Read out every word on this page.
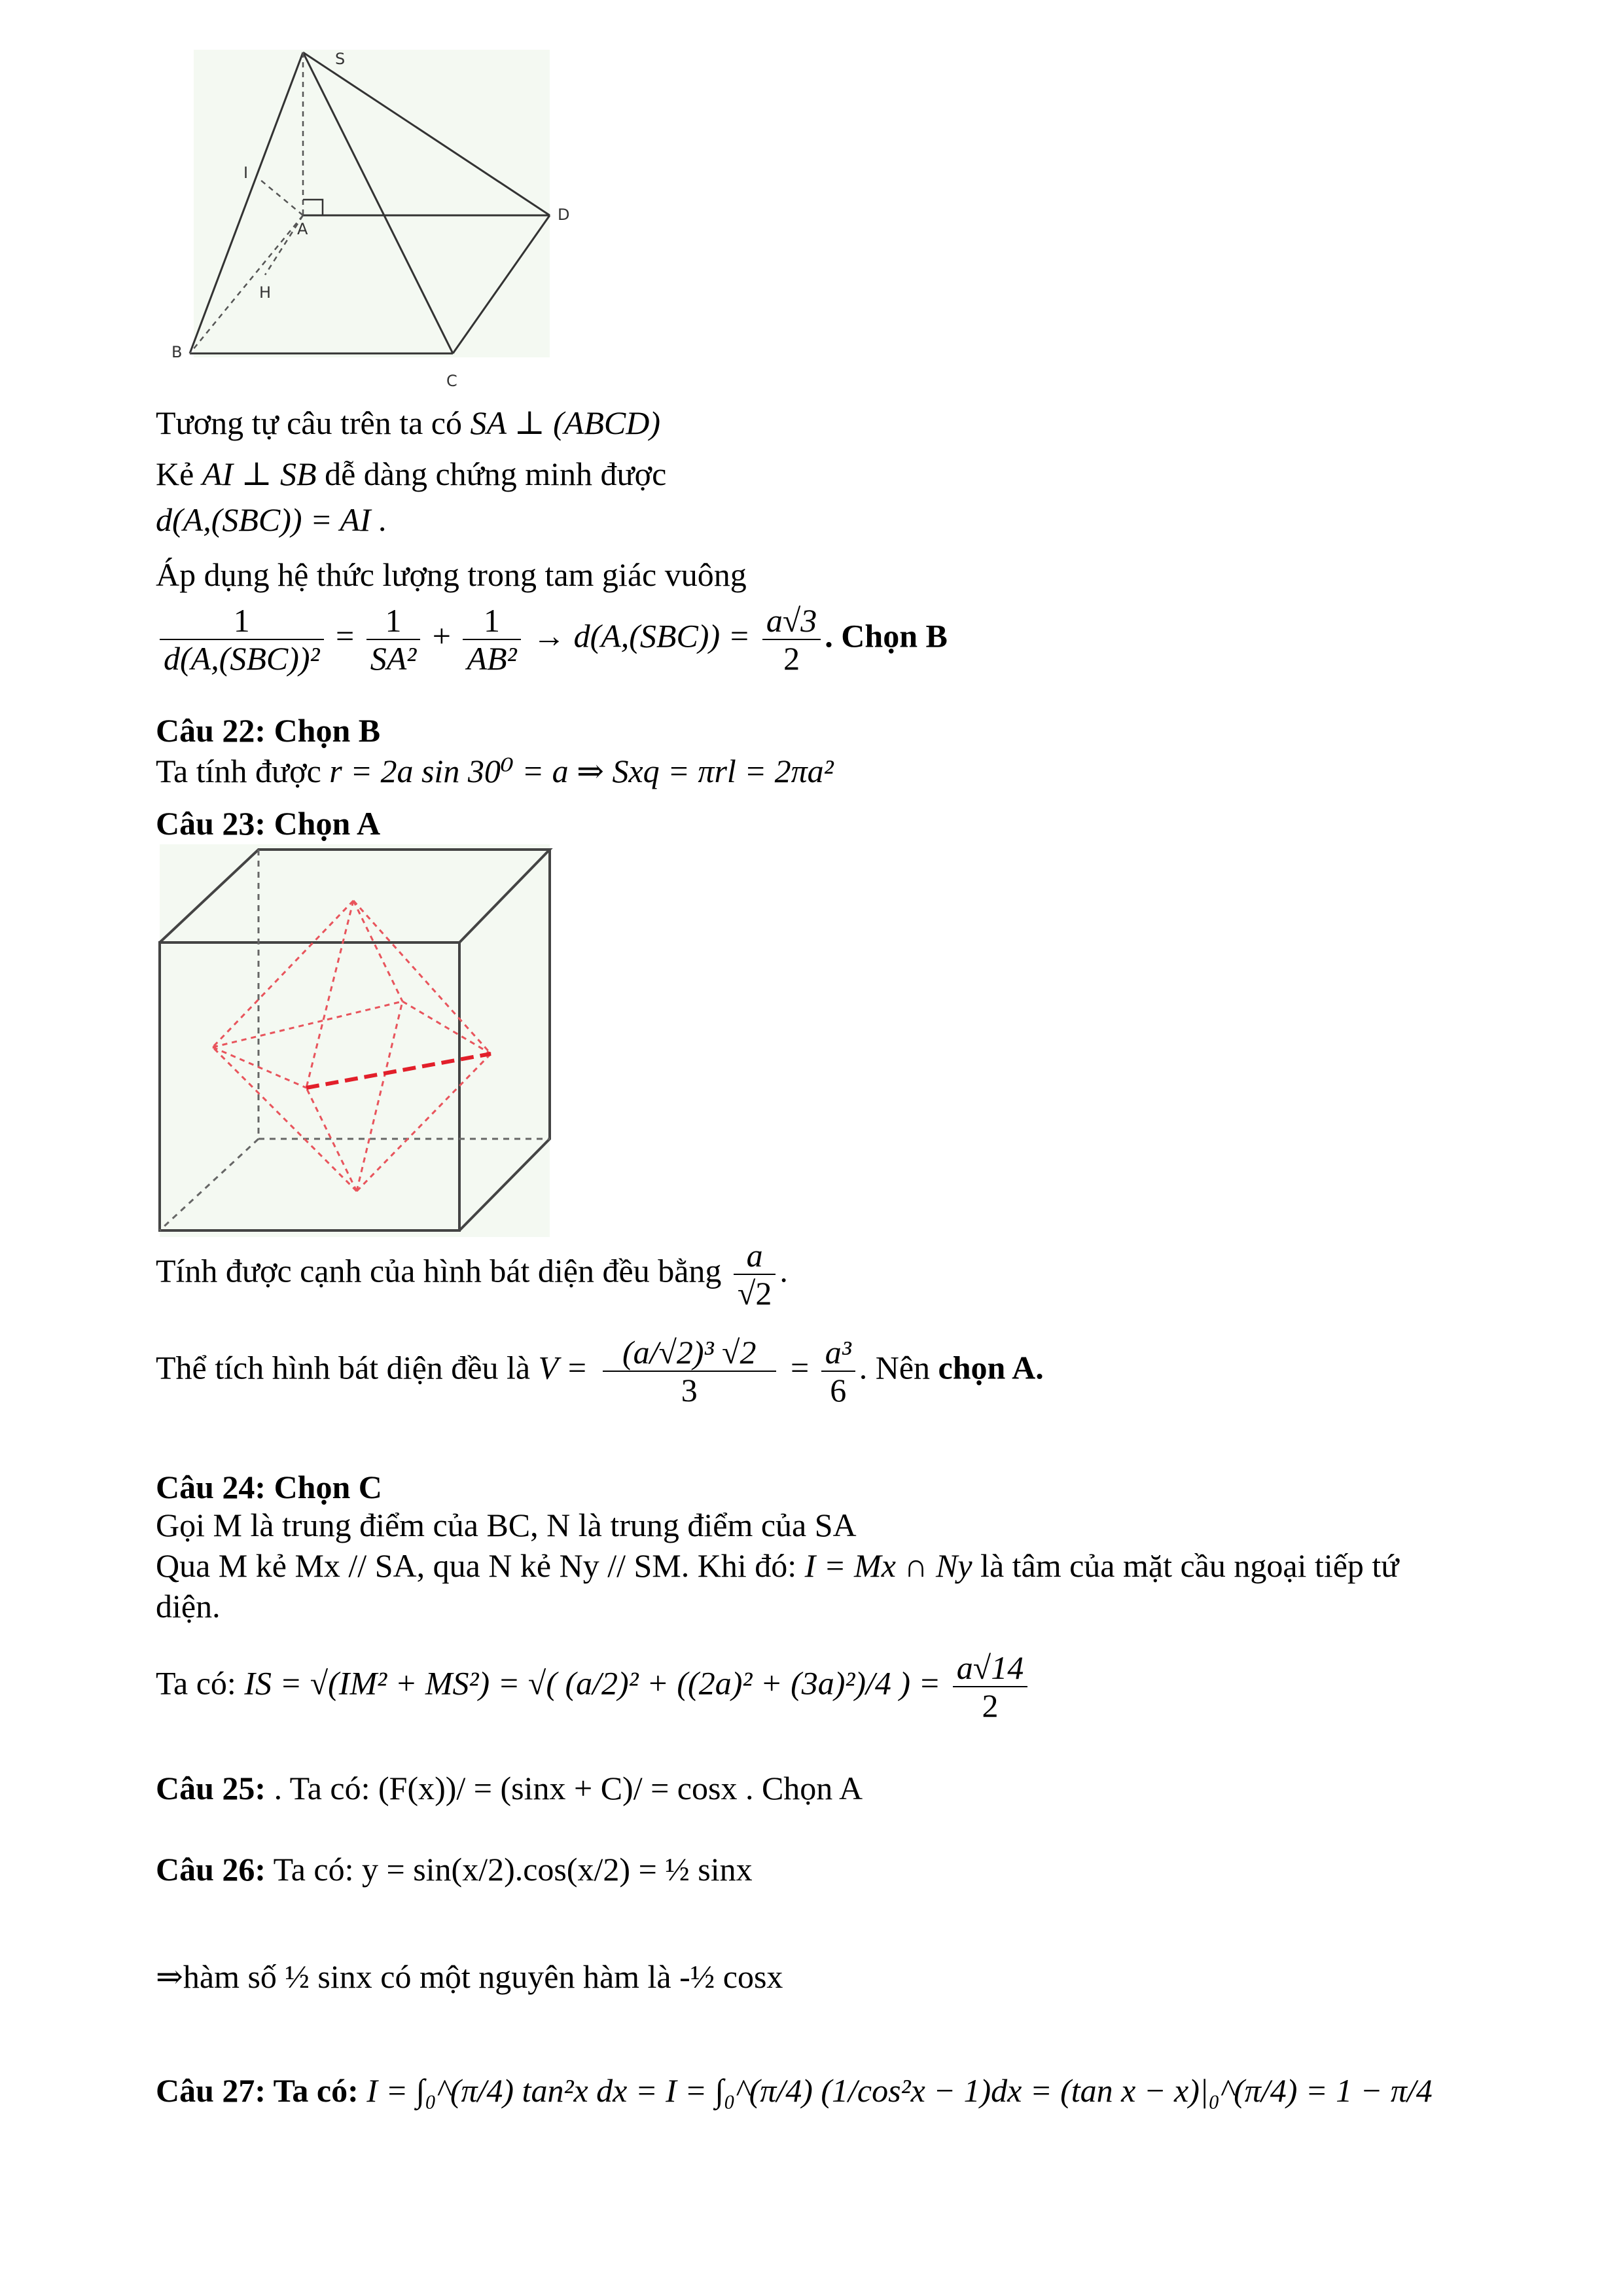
S
I
A
D
H
B
C
Tương tự câu trên ta có SA ⊥ (ABCD)
Kẻ AI ⊥ SB dễ dàng chứng minh được
d(A,(SBC)) = AI .
Áp dụng hệ thức lượng trong tam giác vuông
$\frac{1}{\text{d(A,(SBC))²}} = \frac{1}{\text{SA²}} + \frac{1}{\text{AB²}} \to d(A,(SBC)) = \frac{a√3}{2}$ . Chọn B
Câu 22: Chọn B
Ta tính được r = 2a sin 30⁰ = a ⇒ Sxq = πrl = 2πa²
Câu 23: Chọn A
Tính được cạnh của hình bát diện đều bằng $\frac{a}{√2}$ .
Thể tích hình bát diện đều là $V = \frac{\text{(a/√2)³ √2}}{3} = \frac{\text{a³}}{6}$ . Nên chọn A.
Câu 24: Chọn C
Gọi M là trung điểm của BC, N là trung điểm của SA
Qua M kẻ Mx // SA, qua N kẻ Ny // SM. Khi đó: I = Mx ∩ Ny là tâm của mặt cầu ngoại tiếp tứ
diện.
Ta có: IS = √(IM² + MS²) = √( (a/2)² + ((2a)² + (3a)²)/4 ) = $\frac{a√14}{2}$
Câu 25: . Ta có: (F(x))/ = (sinx + C)/ = cosx . Chọn A
Câu 26: Ta có: y = sin(x/2).cos(x/2) = ½ sinx
⇒hàm số ½ sinx có một nguyên hàm là -½ cosx
Câu 27: Ta có: I = ∫₀^(π/4) tan²x dx = I = ∫₀^(π/4) (1/cos²x − 1)dx = (tan x − x)|₀^(π/4) = 1 − π/4
